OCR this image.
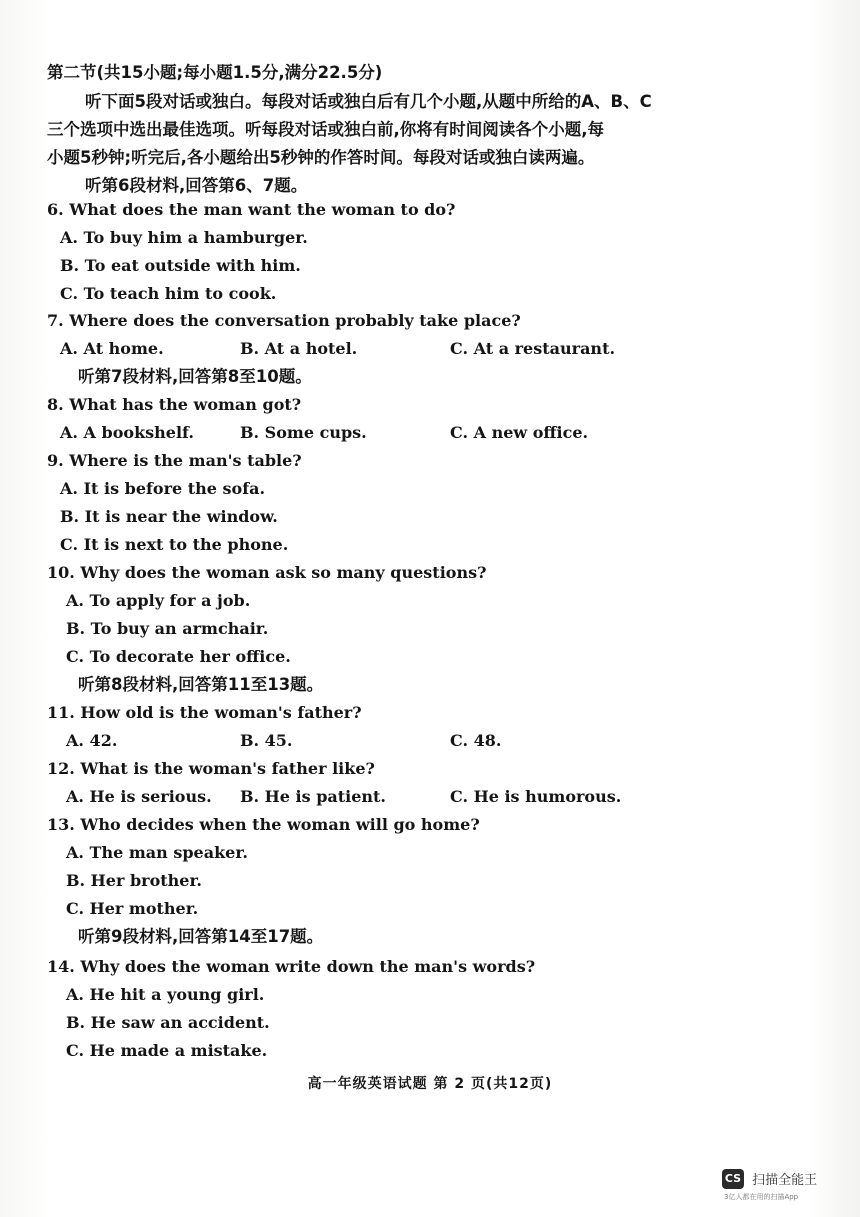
第二节(共15小题;每小题1.5分,满分22.5分)
听下面5段对话或独白。每段对话或独白后有几个小题,从题中所给的A、B、C
三个选项中选出最佳选项。听每段对话或独白前,你将有时间阅读各个小题,每
小题5秒钟;听完后,各小题给出5秒钟的作答时间。每段对话或独白读两遍。
听第6段材料,回答第6、7题。
6. What does the man want the woman to do?
A. To buy him a hamburger.
B. To eat outside with him.
C. To teach him to cook.
7. Where does the conversation probably take place?
A. At home.	B. At a hotel.	C. At a restaurant.
听第7段材料,回答第8至10题。
8. What has the woman got?
A. A bookshelf.	B. Some cups.	C. A new office.
9. Where is the man's table?
A. It is before the sofa.
B. It is near the window.
C. It is next to the phone.
10. Why does the woman ask so many questions?
A. To apply for a job.
B. To buy an armchair.
C. To decorate her office.
听第8段材料,回答第11至13题。
11. How old is the woman's father?
A. 42.	B. 45.	C. 48.
12. What is the woman's father like?
A. He is serious. B. He is patient.	C. He is humorous.
13. Who decides when the woman will go home?
A. The man speaker.
B. Her brother.
C. Her mother.
听第9段材料,回答第14至17题。
14. Why does the woman write down the man's words?
A. He hit a young girl.
B. He saw an accident.
C. He made a mistake.
高一年级英语试题 第 2 页(共12页)
CS 扫描全能王
3亿人都在用的扫描App
